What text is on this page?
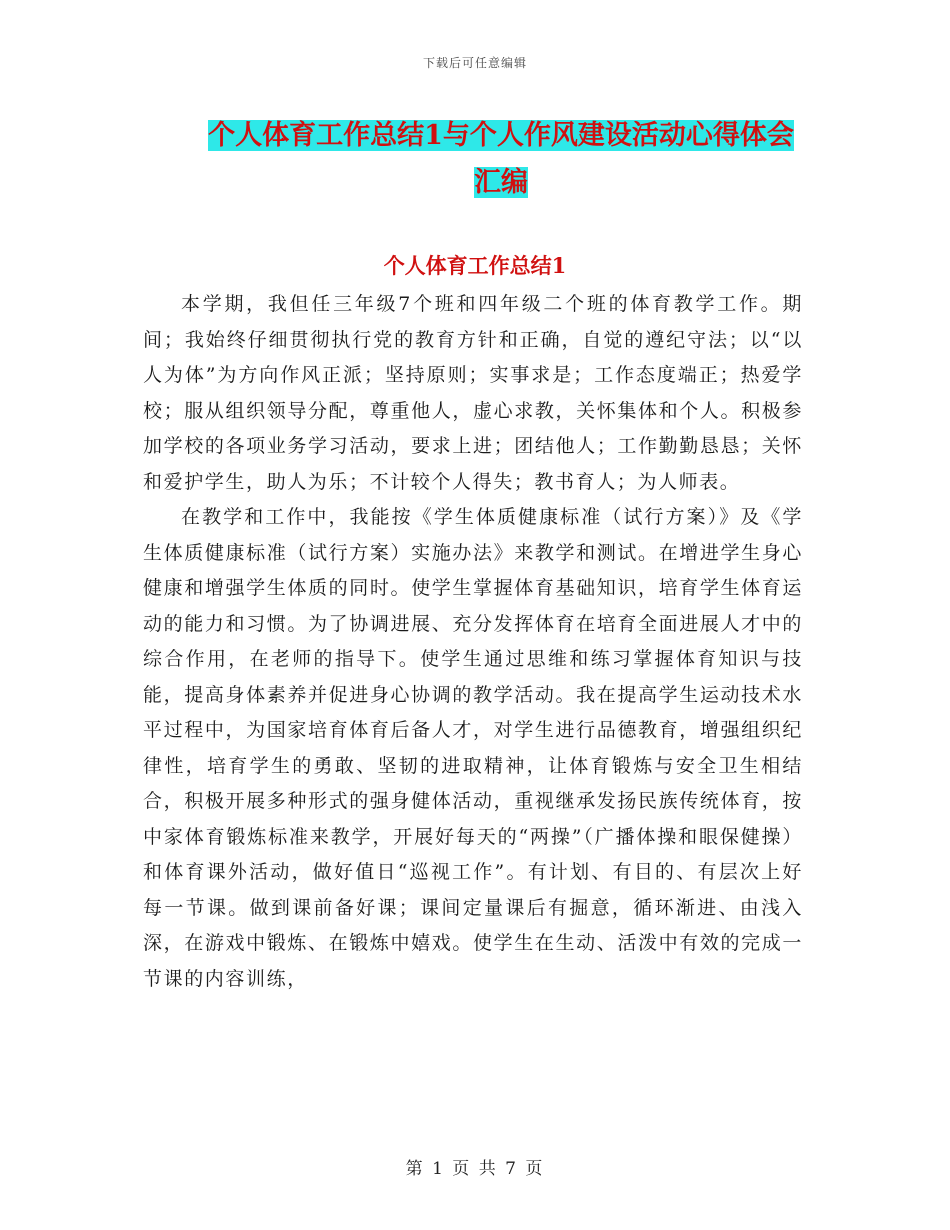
下载后可任意编辑
个人体育工作总结1与个人作风建设活动心得体会汇编
个人体育工作总结1

本学期，我但任三年级7个班和四年级二个班的体育教学工作。期间；我始终仔细贯彻执行党的教育方针和正确，自觉的遵纪守法；以“以人为体”为方向作风正派；坚持原则；实事求是；工作态度端正；热爱学校；服从组织领导分配，尊重他人，虚心求教，关怀集体和个人。积极参加学校的各项业务学习活动，要求上进；团结他人；工作勤勤恳恳；关怀和爱护学生，助人为乐；不计较个人得失；教书育人；为人师表。

在教学和工作中，我能按《学生体质健康标准（试行方案）》及《学生体质健康标准（试行方案）实施办法》来教学和测试。在增进学生身心健康和增强学生体质的同时。使学生掌握体育基础知识，培育学生体育运动的能力和习惯。为了协调进展、充分发挥体育在培育全面进展人才中的综合作用，在老师的指导下。使学生通过思维和练习掌握体育知识与技能，提高身体素养并促进身心协调的教学活动。我在提高学生运动技术水平过程中，为国家培育体育后备人才，对学生进行品德教育，增强组织纪律性，培育学生的勇敢、坚韧的进取精神，让体育锻炼与安全卫生相结合，积极开展多种形式的强身健体活动，重视继承发扬民族传统体育，按中家体育锻炼标准来教学，开展好每天的“两操”（广播体操和眼保健操）和体育课外活动，做好值日“巡视工作”。有计划、有目的、有层次上好每一节课。做到课前备好课；课间定量课后有掘意，循环渐进、由浅入深，在游戏中锻炼、在锻炼中嬉戏。使学生在生动、活泼中有效的完成一节课的内容训练，

第 1 页 共 7 页
